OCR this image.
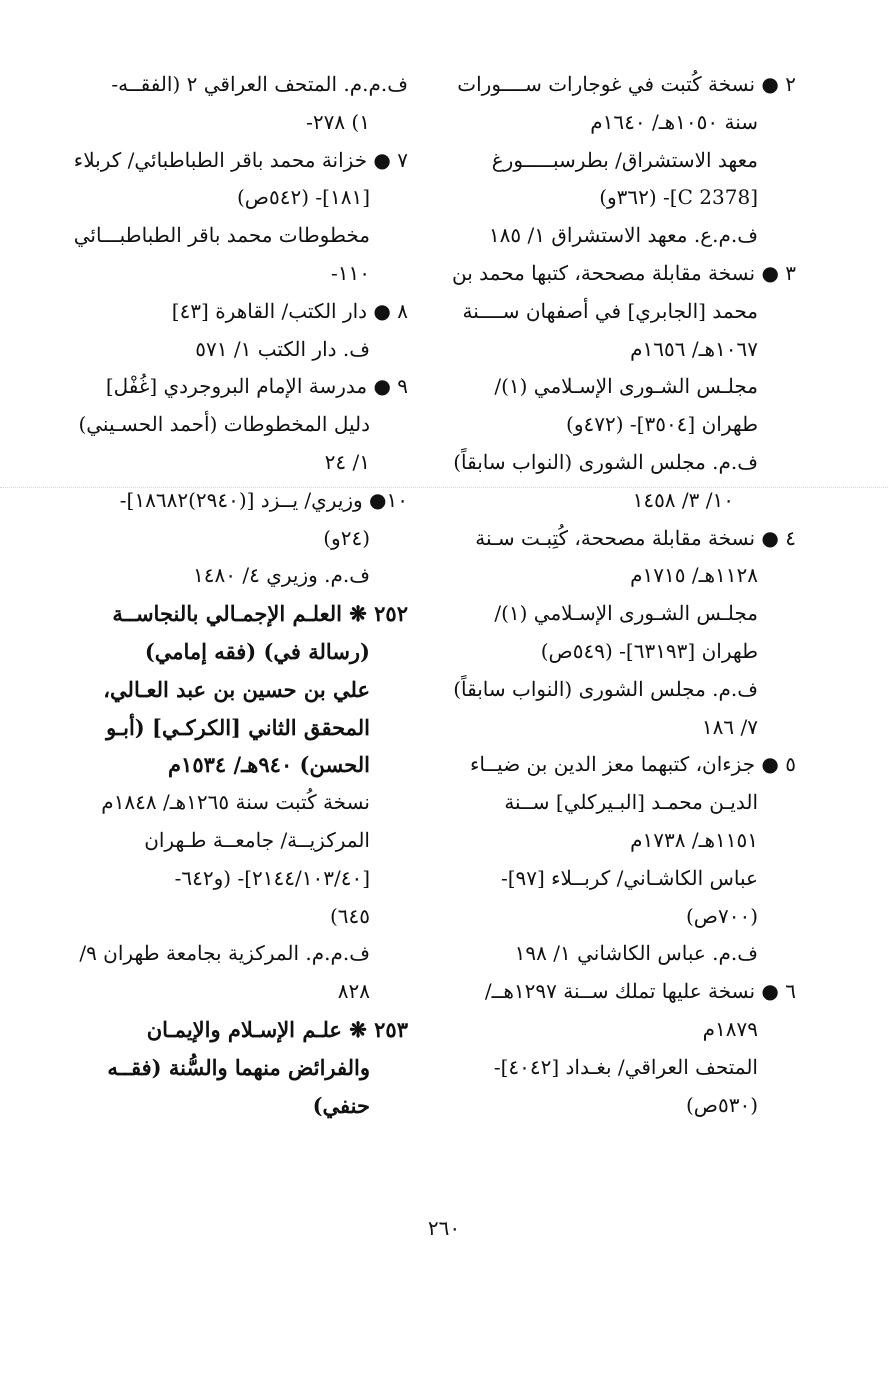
٢ ● نسخة كُتبت في غوجارات ســــورات
سنة ١٠٥٠هـ/ ١٦٤٠م
معهد الاستشراق/ بطرسبـــــورغ
[C 2378]- (٣٦٢و)
ف.م.ع. معهد الاستشراق ١/ ١٨٥
٣ ● نسخة مقابلة مصححة، كتبها محمد بن
محمد [الجابري] في أصفهان ســــنة
١٠٦٧هـ/ ١٦٥٦م
مجلـس الشـورى الإسـلامي (١)/
طهران [٣٥٠٤]- (٤٧٢و)
ف.م. مجلس الشورى (النواب سابقاً)
١٠/ ٣/ ١٤٥٨
٤ ● نسخة مقابلة مصححة، كُتِبـت سـنة
١١٢٨هـ/ ١٧١٥م
مجلـس الشـورى الإسـلامي (١)/
طهران [٦٣١٩٣]- (٥٤٩ص)
ف.م. مجلس الشورى (النواب سابقاً)
٧/ ١٨٦
٥ ● جزءان، كتبهما معز الدين بن ضيــاء
الديـن محمـد [البـيركلي] ســنة
١١٥١هـ/ ١٧٣٨م
عباس الكاشـاني/ كربــلاء [٩٧]-
(٧٠٠ص)
ف.م. عباس الكاشاني ١/ ١٩٨
٦ ● نسخة عليها تملك ســنة ١٢٩٧هــ/
١٨٧٩م
المتحف العراقي/ بغـداد [٤٠٤٢]-
(٥٣٠ص)
ف.م.م. المتحف العراقي ٢ (الفقــه-
١) ٢٧٨-
٧ ● خزانة محمد باقر الطباطبائي/ كربلاء
[١٨١]- (٥٤٢ص)
مخطوطات محمد باقر الطباطبـــائي
١١٠-
٨ ● دار الكتب/ القاهرة [٤٣]
ف. دار الكتب ١/ ٥٧١
٩ ● مدرسة الإمام البروجردي [غُفْل]
دليل المخطوطات (أحمد الحسـيني)
١/ ٢٤
١٠● وزيري/ يــزد [(٢٩٤٠)١٨٦٨٢]-
(٢٤و)
ف.م. وزيري ٤/ ١٤٨٠
٢٥٢ ❋ العلـم الإجمـالي بالنجاســة
(رسالة في) (فقه إمامي)
علي بن حسين بن عبد العـالي،
المحقق الثاني [الكركـي] (أبـو
الحسن) ٩٤٠هـ/ ١٥٣٤م
نسخة كُتبت سنة ١٢٦٥هـ/ ١٨٤٨م
المركزيــة/ جامعــة طـهران
[٢١٤٤/١٠٣/٤٠]- (و٦٤٢-
٦٤٥)
ف.م.م. المركزية بجامعة طهران ٩/
٨٢٨
٢٥٣ ❋ علـم الإسـلام والإيمـان
والفرائض منهما والسُّنة (فقــه
حنفي)
٢٦٠
